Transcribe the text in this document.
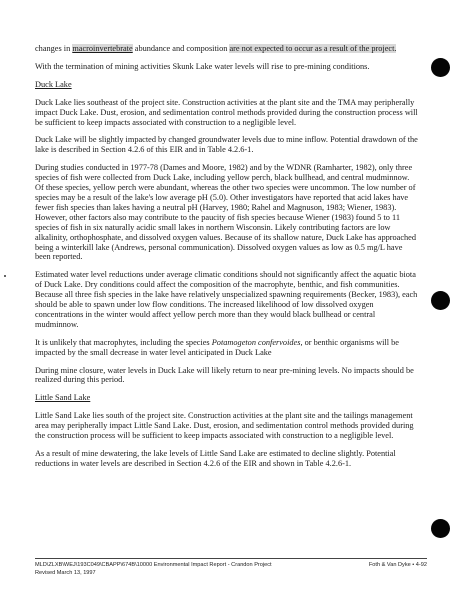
changes in macroinvertebrate abundance and composition are not expected to occur as a result of the project.

With the termination of mining activities Skunk Lake water levels will rise to pre-mining conditions.

Duck Lake

Duck Lake lies southeast of the project site. Construction activities at the plant site and the TMA may peripherally impact Duck Lake. Dust, erosion, and sedimentation control methods provided during the construction process will be sufficient to keep impacts associated with construction to a negligible level.

Duck Lake will be slightly impacted by changed groundwater levels due to mine inflow. Potential drawdown of the lake is described in Section 4.2.6 of this EIR and in Table 4.2.6-1.

During studies conducted in 1977-78 (Dames and Moore, 1982) and by the WDNR (Ramharter, 1982), only three species of fish were collected from Duck Lake, including yellow perch, black bullhead, and central mudminnow. Of these species, yellow perch were abundant, whereas the other two species were uncommon. The low number of species may be a result of the lake's low average pH (5.0). Other investigators have reported that acid lakes have fewer fish species than lakes having a neutral pH (Harvey, 1980; Rahel and Magnuson, 1983; Wiener, 1983). However, other factors also may contribute to the paucity of fish species because Wiener (1983) found 5 to 11 species of fish in six naturally acidic small lakes in northern Wisconsin. Likely contributing factors are low alkalinity, orthophosphate, and dissolved oxygen values. Because of its shallow nature, Duck Lake has approached being a winterkill lake (Andrews, personal communication). Dissolved oxygen values as low as 0.5 mg/L have been reported.

Estimated water level reductions under average climatic conditions should not significantly affect the aquatic biota of Duck Lake. Dry conditions could affect the composition of the macrophyte, benthic, and fish communities. Because all three fish species in the lake have relatively unspecialized spawning requirements (Becker, 1983), each should be able to spawn under low flow conditions. The increased likelihood of low dissolved oxygen concentrations in the winter would affect yellow perch more than they would black bullhead or central mudminnow.

It is unlikely that macrophytes, including the species Potamogeton confervoides, or benthic organisms will be impacted by the small decrease in water level anticipated in Duck Lake

During mine closure, water levels in Duck Lake will likely return to near pre-mining levels. No impacts should be realized during this period.

Little Sand Lake

Little Sand Lake lies south of the project site. Construction activities at the plant site and the tailings management area may peripherally impact Little Sand Lake. Dust, erosion, and sedimentation control methods provided during the construction process will be sufficient to keep impacts associated with construction to a negligible level.

As a result of mine dewatering, the lake levels of Little Sand Lake are estimated to decline slightly. Potential reductions in water levels are described in Section 4.2.6 of the EIR and shown in Table 4.2.6-1.

MLD\ZLXB\WEJ\193C049\CBAPP\674B\10000 Environmental Impact Report - Crandon Project
Revised March 13, 1997
Foth & Van Dyke • 4-92
